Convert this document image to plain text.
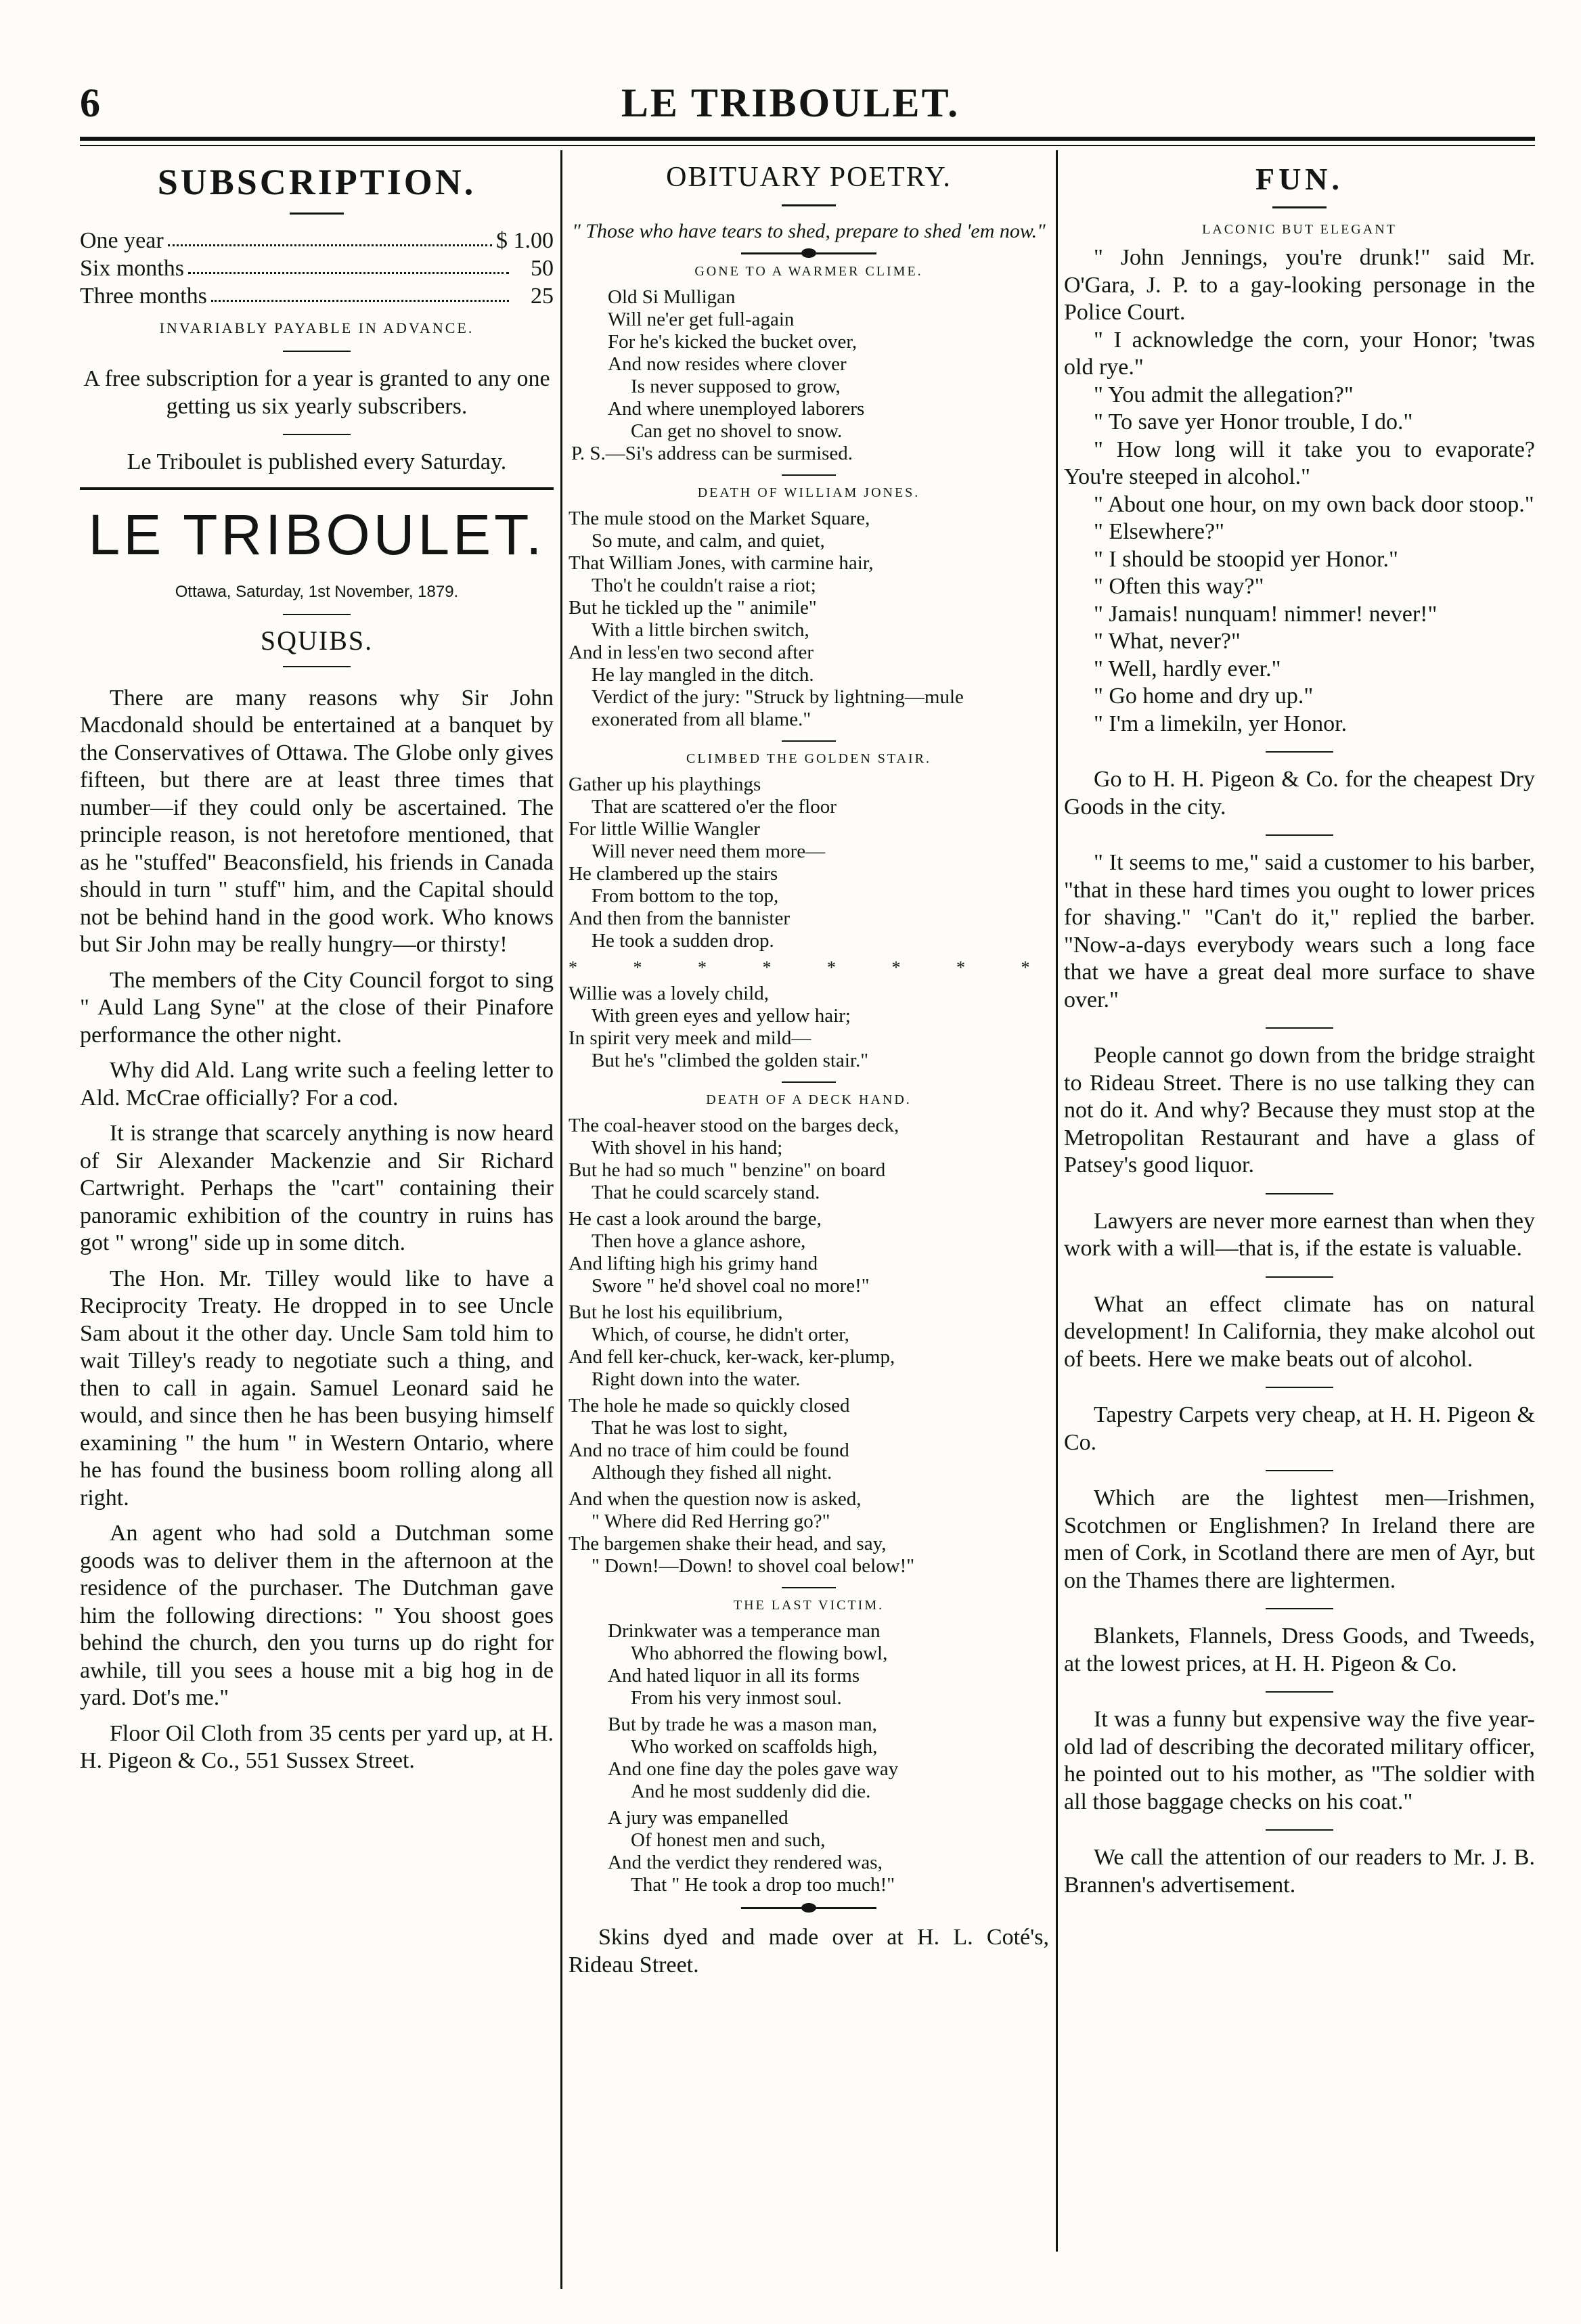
6	LE TRIBOULET.
SUBSCRIPTION.
One year	$ 1.00
Six months	50
Three months	25

INVARIABLY PAYABLE IN ADVANCE.

A free subscription for a year is granted to any one getting us six yearly subscribers.

Le Triboulet is published every Saturday.

LE TRIBOULET.
Ottawa, Saturday, 1st November, 1879.
SQUIBS.

There are many reasons why Sir John Macdonald should be entertained at a banquet by the Conservatives of Ottawa. The Globe only gives fifteen, but there are at least three times that number—if they could only be ascertained. The principle reason, is not heretofore mentioned, that as he "stuffed" Beaconsfield, his friends in Canada should in turn " stuff" him, and the Capital should not be behind hand in the good work. Who knows but Sir John may be really hungry—or thirsty!

The members of the City Council forgot to sing " Auld Lang Syne" at the close of their Pinafore performance the other night.

Why did Ald. Lang write such a feeling letter to Ald. McCrae officially? For a cod.

It is strange that scarcely anything is now heard of Sir Alexander Mackenzie and Sir Richard Cartwright. Perhaps the "cart" containing their panoramic exhibition of the country in ruins has got " wrong" side up in some ditch.

The Hon. Mr. Tilley would like to have a Reciprocity Treaty. He dropped in to see Uncle Sam about it the other day. Uncle Sam told him to wait Tilley's ready to negotiate such a thing, and then to call in again. Samuel Leonard said he would, and since then he has been busying himself examining " the hum " in Western Ontario, where he has found the business boom rolling along all right.

An agent who had sold a Dutchman some goods was to deliver them in the afternoon at the residence of the purchaser. The Dutchman gave him the following directions: " You shoost goes behind the church, den you turns up do right for awhile, till you sees a house mit a big hog in de yard. Dot's me."

Floor Oil Cloth from 35 cents per yard up, at H. H. Pigeon & Co., 551 Sussex Street.

OBITUARY POETRY.

" Those who have tears to shed, prepare to shed 'em now."

GONE TO A WARMER CLIME.

Old Si Mulligan
Will ne'er get full-again
For he's kicked the bucket over,
And now resides where clover
Is never supposed to grow,
And where unemployed laborers
Can get no shovel to snow.
P. S.—Si's address can be surmised.

DEATH OF WILLIAM JONES.

The mule stood on the Market Square,
So mute, and calm, and quiet,
That William Jones, with carmine hair,
Tho't he couldn't raise a riot;
But he tickled up the " animile"
With a little birchen switch,
And in less'en two second after
He lay mangled in the ditch.
Verdict of the jury: "Struck by lightning—mule exonerated from all blame."

CLIMBED THE GOLDEN STAIR.

Gather up his playthings
That are scattered o'er the floor
For little Willie Wangler
Will never need them more—
He clambered up the stairs
From bottom to the top,
And then from the bannister
He took a sudden drop.
* * * * * * * *
Willie was a lovely child,
With green eyes and yellow hair;
In spirit very meek and mild—
But he's "climbed the golden stair."

DEATH OF A DECK HAND.

The coal-heaver stood on the barges deck,
With shovel in his hand;
But he had so much " benzine" on board
That he could scarcely stand.
He cast a look around the barge,
Then hove a glance ashore,
And lifting high his grimy hand
Swore " he'd shovel coal no more!"
But he lost his equilibrium,
Which, of course, he didn't orter,
And fell ker-chuck, ker-wack, ker-plump,
Right down into the water.
The hole he made so quickly closed
That he was lost to sight,
And no trace of him could be found
Although they fished all night.
And when the question now is asked,
" Where did Red Herring go?"
The bargemen shake their head, and say,
" Down!—Down! to shovel coal below!"

THE LAST VICTIM.

Drinkwater was a temperance man
Who abhorred the flowing bowl,
And hated liquor in all its forms
From his very inmost soul.
But by trade he was a mason man,
Who worked on scaffolds high,
And one fine day the poles gave way
And he most suddenly did die.
A jury was empanelled
Of honest men and such,
And the verdict they rendered was,
That " He took a drop too much!"

Skins dyed and made over at H. L. Coté's, Rideau Street.

FUN.

LACONIC BUT ELEGANT

" John Jennings, you're drunk!" said Mr. O'Gara, J. P. to a gay-looking personage in the Police Court.

" I acknowledge the corn, your Honor; 'twas old rye."

" You admit the allegation?"

" To save yer Honor trouble, I do."

" How long will it take you to evaporate? You're steeped in alcohol."

" About one hour, on my own back door stoop."

" Elsewhere?"

" I should be stoopid yer Honor."

" Often this way?"

" Jamais! nunquam! nimmer! never!"

" What, never?"

" Well, hardly ever."

" Go home and dry up."

" I'm a limekiln, yer Honor.

Go to H. H. Pigeon & Co. for the cheapest Dry Goods in the city.

" It seems to me," said a customer to his barber, "that in these hard times you ought to lower prices for shaving." "Can't do it," replied the barber. "Now-a-days everybody wears such a long face that we have a great deal more surface to shave over."

People cannot go down from the bridge straight to Rideau Street. There is no use talking they can not do it. And why? Because they must stop at the Metropolitan Restaurant and have a glass of Patsey's good liquor.

Lawyers are never more earnest than when they work with a will—that is, if the estate is valuable.

What an effect climate has on natural development! In California, they make alcohol out of beets. Here we make beats out of alcohol.

Tapestry Carpets very cheap, at H. H. Pigeon & Co.

Which are the lightest men—Irishmen, Scotchmen or Englishmen? In Ireland there are men of Cork, in Scotland there are men of Ayr, but on the Thames there are lightermen.

Blankets, Flannels, Dress Goods, and Tweeds, at the lowest prices, at H. H. Pigeon & Co.

It was a funny but expensive way the five year-old lad of describing the decorated military officer, he pointed out to his mother, as "The soldier with all those baggage checks on his coat."

We call the attention of our readers to Mr. J. B. Brannen's advertisement.
